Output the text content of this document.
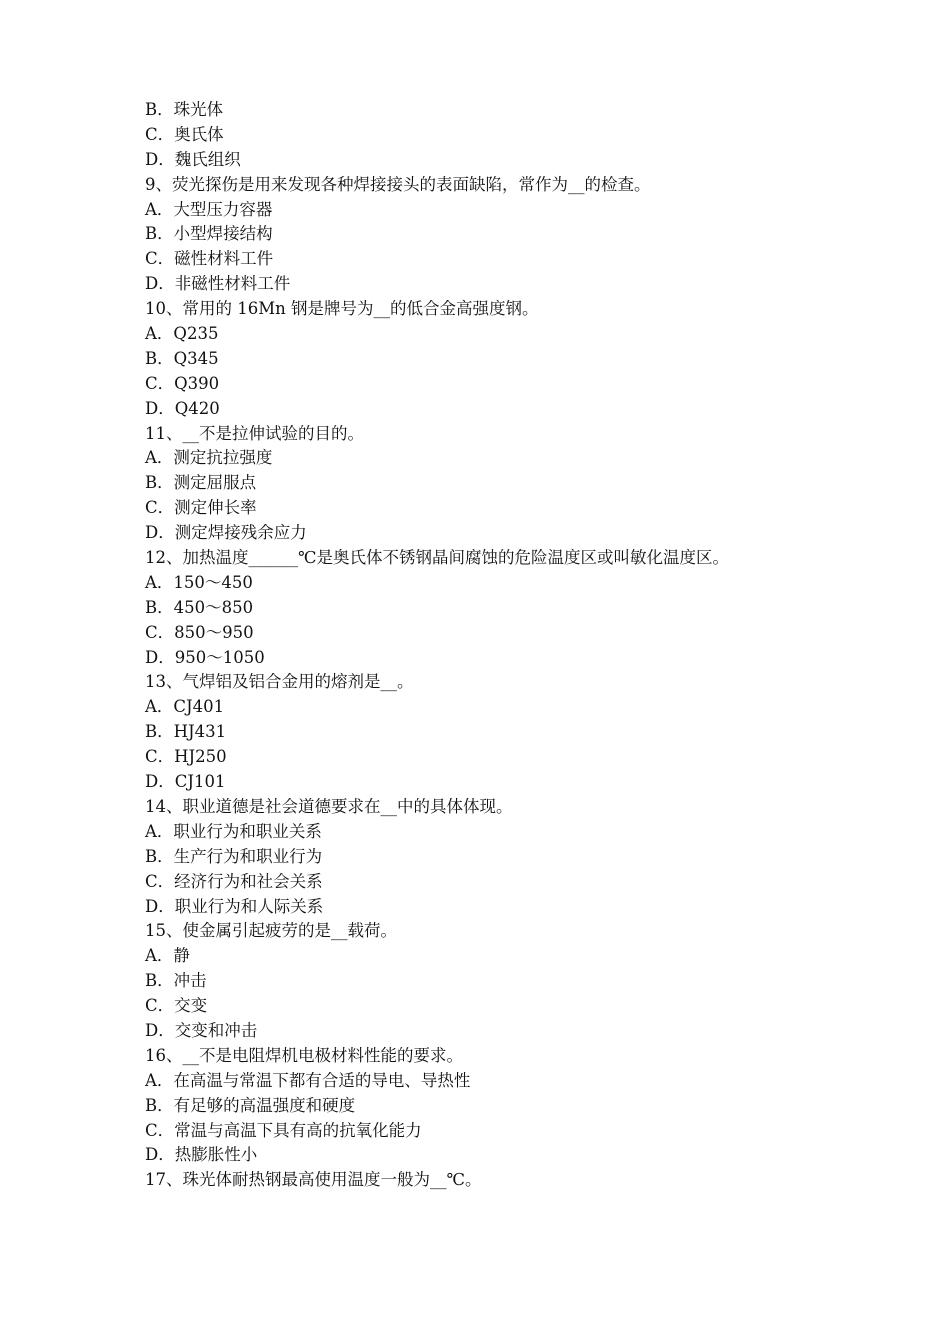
B．珠光体
C．奥氏体
D．魏氏组织
9、荧光探伤是用来发现各种焊接接头的表面缺陷，常作为__的检查。
A．大型压力容器
B．小型焊接结构
C．磁性材料工件
D．非磁性材料工件
10、常用的 16Mn 钢是牌号为__的低合金高强度钢。
A．Q235
B．Q345
C．Q390
D．Q420
11、__不是拉伸试验的目的。
A．测定抗拉强度
B．测定屈服点
C．测定伸长率
D．测定焊接残余应力
12、加热温度______℃是奥氏体不锈钢晶间腐蚀的危险温度区或叫敏化温度区。
A．150～450
B．450～850
C．850～950
D．950～1050
13、气焊铝及铝合金用的熔剂是__。
A．CJ401
B．HJ431
C．HJ250
D．CJ101
14、职业道德是社会道德要求在__中的具体体现。
A．职业行为和职业关系
B．生产行为和职业行为
C．经济行为和社会关系
D．职业行为和人际关系
15、使金属引起疲劳的是__载荷。
A．静
B．冲击
C．交变
D．交变和冲击
16、__不是电阻焊机电极材料性能的要求。
A．在高温与常温下都有合适的导电、导热性
B．有足够的高温强度和硬度
C．常温与高温下具有高的抗氧化能力
D．热膨胀性小
17、珠光体耐热钢最高使用温度一般为__℃。
